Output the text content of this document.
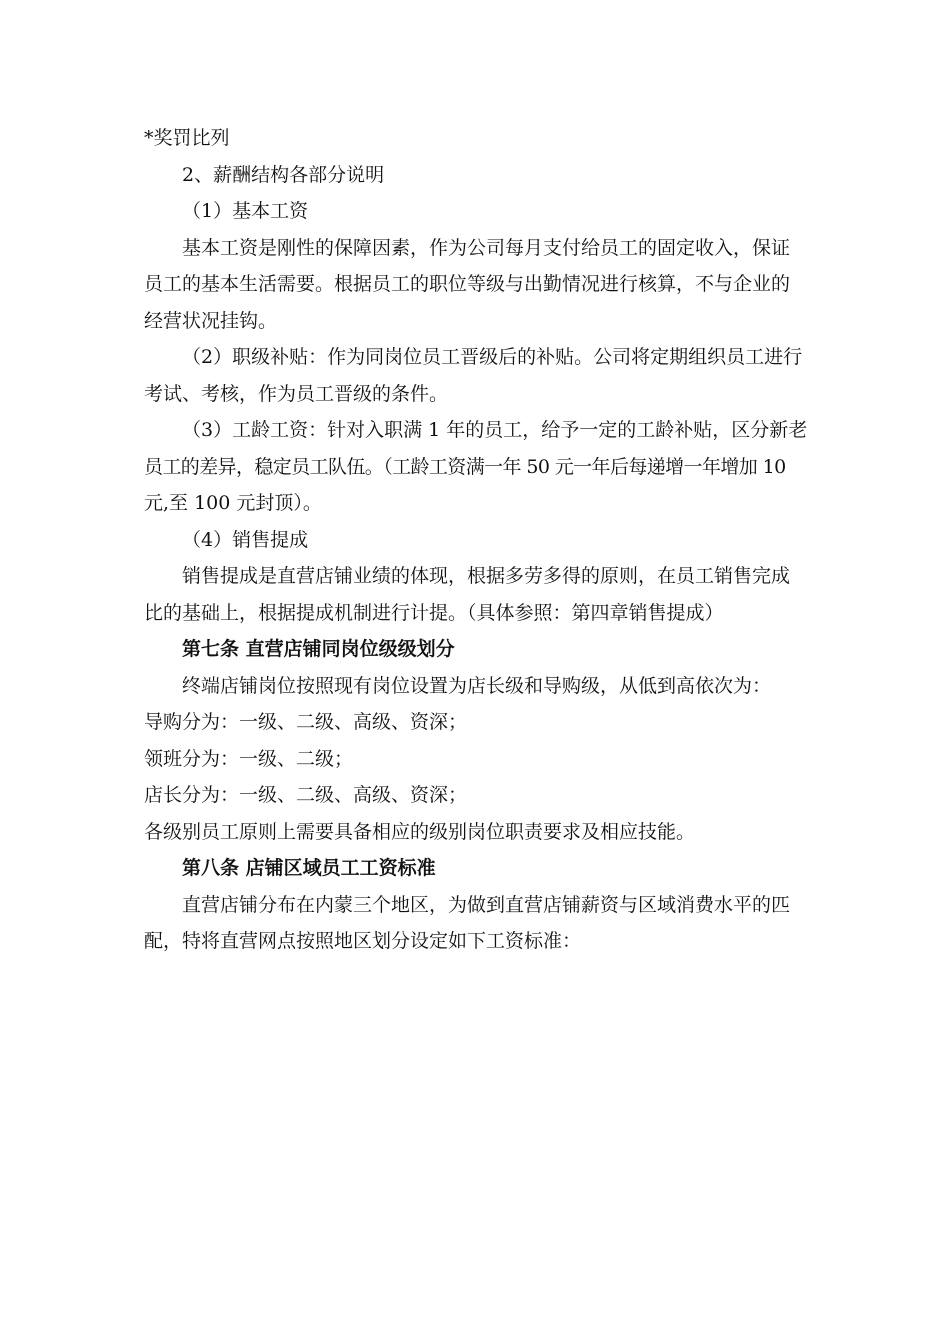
*奖罚比列
2、薪酬结构各部分说明
（1）基本工资
基本工资是刚性的保障因素，作为公司每月支付给员工的固定收入，保证
员工的基本生活需要。根据员工的职位等级与出勤情况进行核算，不与企业的
经营状况挂钩。
（2）职级补贴：作为同岗位员工晋级后的补贴。公司将定期组织员工进行
考试、考核，作为员工晋级的条件。
（3）工龄工资：针对入职满 1 年的员工，给予一定的工龄补贴，区分新老
员工的差异，稳定员工队伍。（工龄工资满一年 50 元一年后每递增一年增加 10
元,至 100 元封顶）。
（4）销售提成
销售提成是直营店铺业绩的体现，根据多劳多得的原则，在员工销售完成
比的基础上，根据提成机制进行计提。（具体参照：第四章销售提成）
第七条 直营店铺同岗位级级划分
终端店铺岗位按照现有岗位设置为店长级和导购级，从低到高依次为：
导购分为：一级、二级、高级、资深；
领班分为：一级、二级；
店长分为：一级、二级、高级、资深；
各级别员工原则上需要具备相应的级别岗位职责要求及相应技能。
第八条 店铺区域员工工资标准
直营店铺分布在内蒙三个地区，为做到直营店铺薪资与区域消费水平的匹
配，特将直营网点按照地区划分设定如下工资标准：
